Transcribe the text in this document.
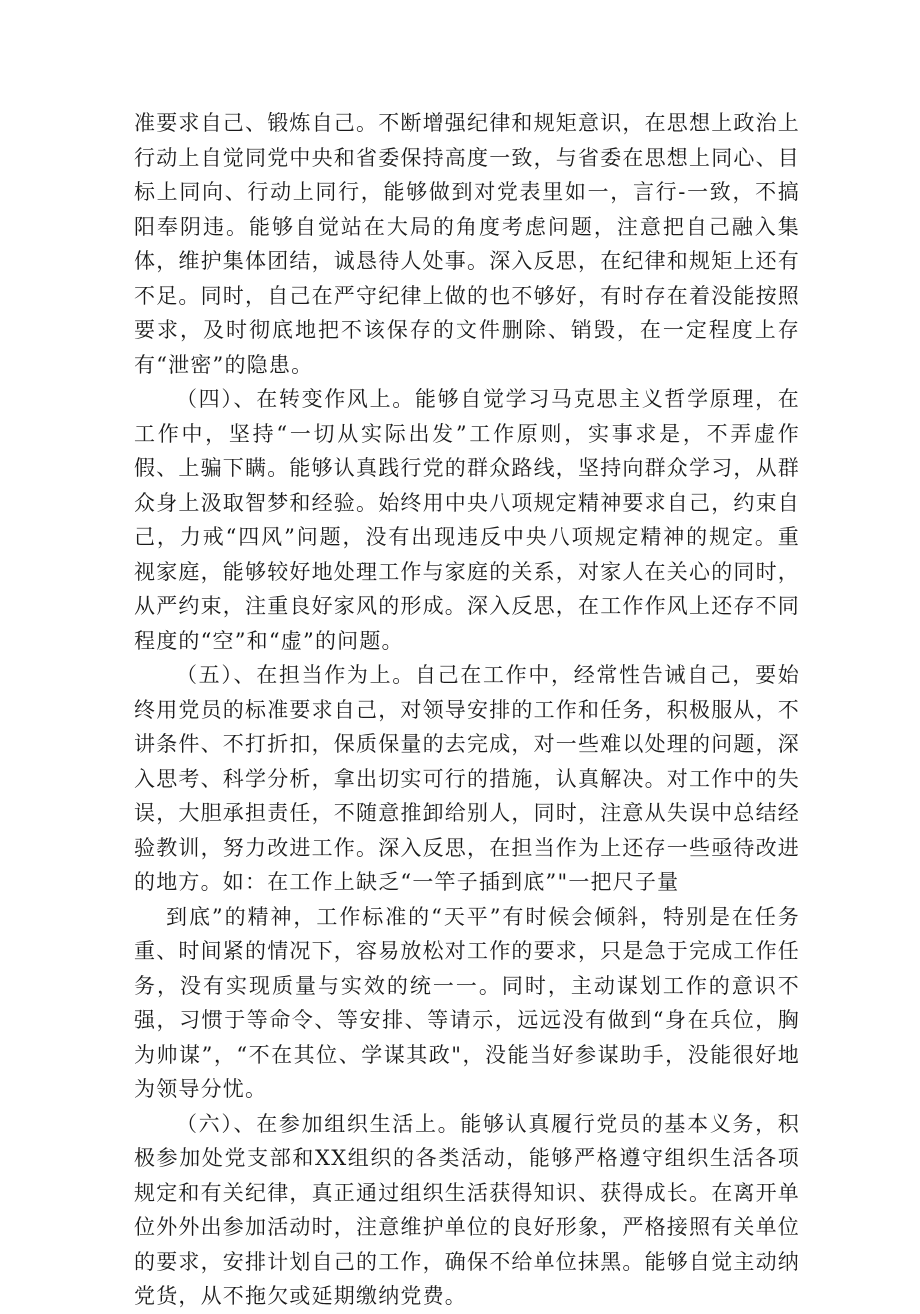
准要求自己、锻炼自己。不断增强纪律和规矩意识，在思想上政治上行动上自觉同党中央和省委保持高度一致，与省委在思想上同心、目标上同向、行动上同行，能够做到对党表里如一，言行-一致，不搞阳奉阴违。能够自觉站在大局的角度考虑问题，注意把自己融入集体，维护集体团结，诚恳待人处事。深入反思，在纪律和规矩上还有不足。同时，自己在严守纪律上做的也不够好，有时存在着没能按照要求，及时彻底地把不该保存的文件删除、销毁，在一定程度上存有“泄密”的隐患。

（四）、在转变作风上。能够自觉学习马克思主义哲学原理，在工作中，坚持“一切从实际出发”工作原则，实事求是，不弄虚作假、上骗下瞒。能够认真践行党的群众路线，坚持向群众学习，从群众身上汲取智梦和经验。始终用中央八项规定精神要求自己，约束自己，力戒“四风”问题，没有出现违反中央八项规定精神的规定。重视家庭，能够较好地处理工作与家庭的关系，对家人在关心的同时，从严约束，注重良好家风的形成。深入反思，在工作作风上还存不同程度的“空”和“虚”的问题。

（五）、在担当作为上。自己在工作中，经常性告诫自己，要始终用党员的标准要求自己，对领导安排的工作和任务，积极服从，不讲条件、不打折扣，保质保量的去完成，对一些难以处理的问题，深入思考、科学分析，拿出切实可行的措施，认真解决。对工作中的失误，大胆承担责任，不随意推卸给别人，同时，注意从失误中总结经验教训，努力改进工作。深入反思，在担当作为上还存一些亟待改进的地方。如：在工作上缺乏“一竿子插到底”"一把尺子量

到底”的精神，工作标准的“天平”有时候会倾斜，特别是在任务重、时间紧的情况下，容易放松对工作的要求，只是急于完成工作任务，没有实现质量与实效的统一一。同时，主动谋划工作的意识不强，习惯于等命令、等安排、等请示，远远没有做到“身在兵位，胸为帅谋”，“不在其位、学谋其政"，没能当好参谋助手，没能很好地为领导分忧。

（六）、在参加组织生活上。能够认真履行党员的基本义务，积极参加处党支部和XX组织的各类活动，能够严格遵守组织生活各项规定和有关纪律，真正通过组织生活获得知识、获得成长。在离开单位外外出参加活动时，注意维护单位的良好形象，严格接照有关单位的要求，安排计划自己的工作，确保不给单位抹黑。能够自觉主动纳党货，从不拖欠或延期缴纳党费。
